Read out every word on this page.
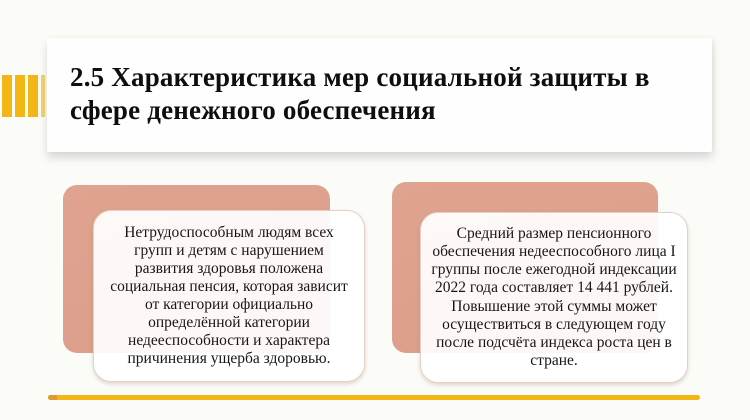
2.5 Характеристика мер социальной защиты в сфере денежного обеспечения

Нетрудоспособным людям всех групп и детям с нарушением развития здоровья положена социальная пенсия, которая зависит от категории официально определённой категории недееспособности и характера причинения ущерба здоровью.

Средний размер пенсионного обеспечения недееспособного лица I группы после ежегодной индексации 2022 года составляет 14 441 рублей. Повышение этой суммы может осуществиться в следующем году после подсчёта индекса роста цен в стране.
